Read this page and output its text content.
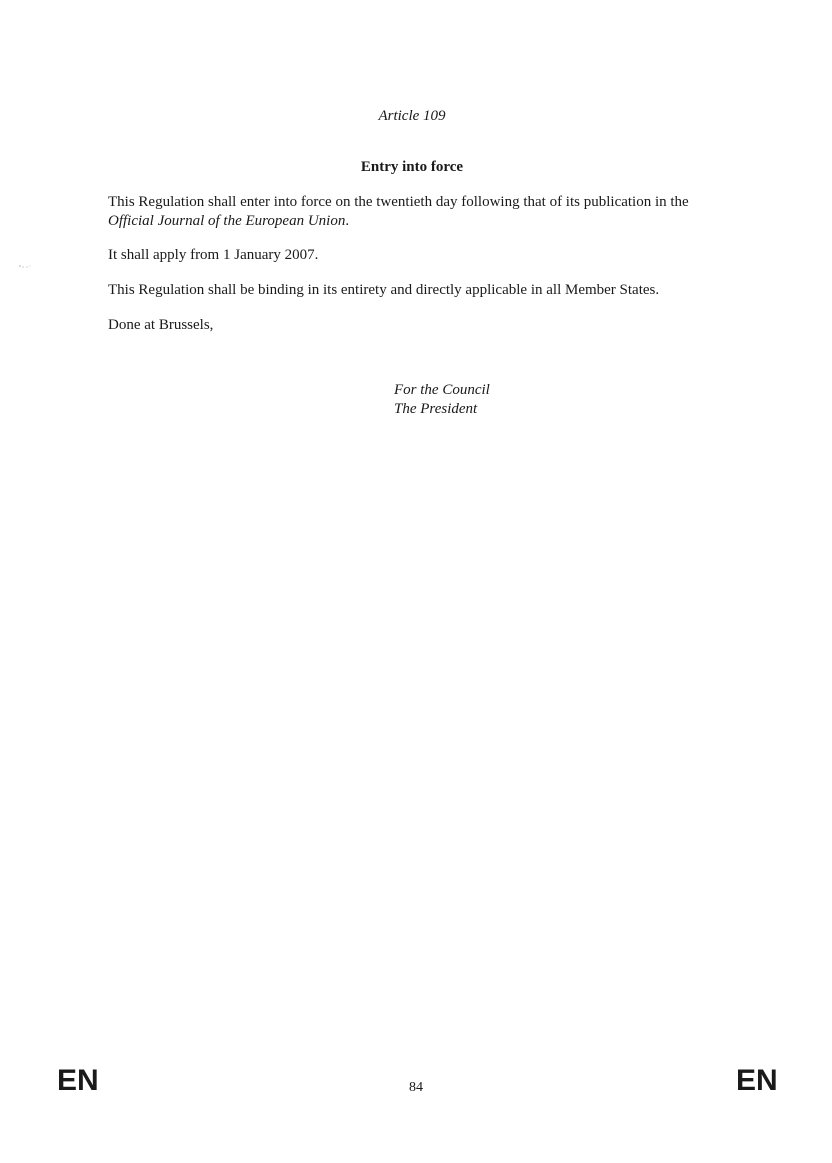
Article 109
Entry into force
This Regulation shall enter into force on the twentieth day following that of its publication in the Official Journal of the European Union.
It shall apply from 1 January 2007.
This Regulation shall be binding in its entirety and directly applicable in all Member States.
Done at Brussels,
For the Council
The President
EN	84	EN
